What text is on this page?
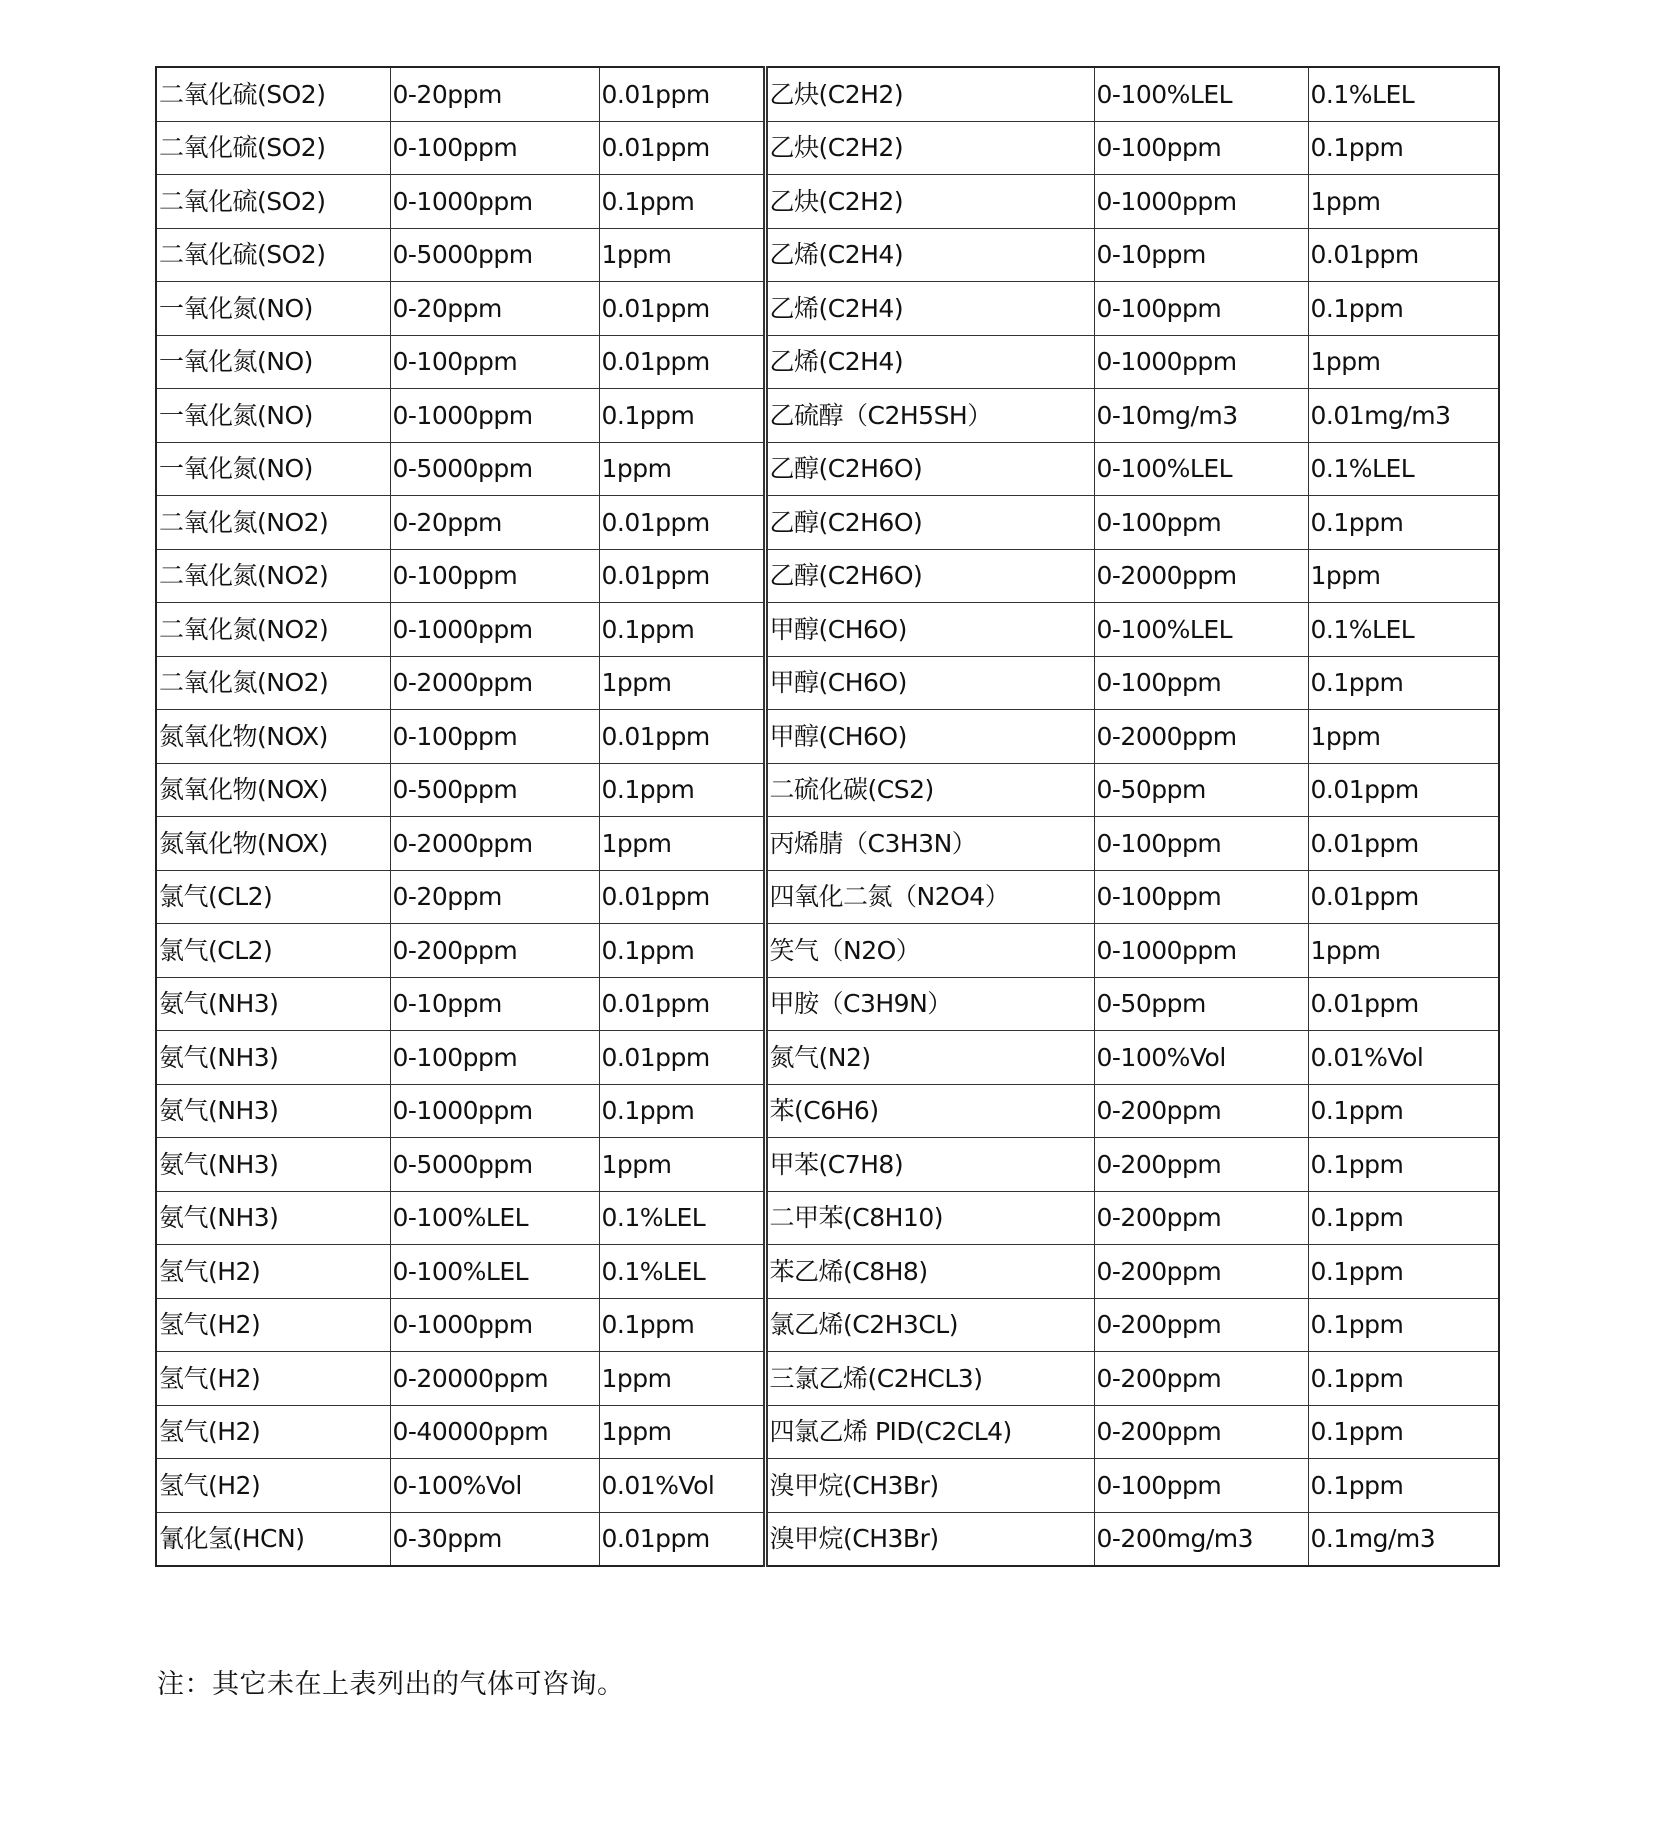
二氧化硫(SO2)	0-20ppm	0.01ppm	乙炔(C2H2)	0-100%LEL	0.1%LEL
二氧化硫(SO2)	0-100ppm	0.01ppm	乙炔(C2H2)	0-100ppm	0.1ppm
二氧化硫(SO2)	0-1000ppm	0.1ppm	乙炔(C2H2)	0-1000ppm	1ppm
二氧化硫(SO2)	0-5000ppm	1ppm	乙烯(C2H4)	0-10ppm	0.01ppm
一氧化氮(NO)	0-20ppm	0.01ppm	乙烯(C2H4)	0-100ppm	0.1ppm
一氧化氮(NO)	0-100ppm	0.01ppm	乙烯(C2H4)	0-1000ppm	1ppm
一氧化氮(NO)	0-1000ppm	0.1ppm	乙硫醇（C2H5SH）	0-10mg/m3	0.01mg/m3
一氧化氮(NO)	0-5000ppm	1ppm	乙醇(C2H6O)	0-100%LEL	0.1%LEL
二氧化氮(NO2)	0-20ppm	0.01ppm	乙醇(C2H6O)	0-100ppm	0.1ppm
二氧化氮(NO2)	0-100ppm	0.01ppm	乙醇(C2H6O)	0-2000ppm	1ppm
二氧化氮(NO2)	0-1000ppm	0.1ppm	甲醇(CH6O)	0-100%LEL	0.1%LEL
二氧化氮(NO2)	0-2000ppm	1ppm	甲醇(CH6O)	0-100ppm	0.1ppm
氮氧化物(NOX)	0-100ppm	0.01ppm	甲醇(CH6O)	0-2000ppm	1ppm
氮氧化物(NOX)	0-500ppm	0.1ppm	二硫化碳(CS2)	0-50ppm	0.01ppm
氮氧化物(NOX)	0-2000ppm	1ppm	丙烯腈（C3H3N）	0-100ppm	0.01ppm
氯气(CL2)	0-20ppm	0.01ppm	四氧化二氮（N2O4）	0-100ppm	0.01ppm
氯气(CL2)	0-200ppm	0.1ppm	笑气（N2O）	0-1000ppm	1ppm
氨气(NH3)	0-10ppm	0.01ppm	甲胺（C3H9N）	0-50ppm	0.01ppm
氨气(NH3)	0-100ppm	0.01ppm	氮气(N2)	0-100%Vol	0.01%Vol
氨气(NH3)	0-1000ppm	0.1ppm	苯(C6H6)	0-200ppm	0.1ppm
氨气(NH3)	0-5000ppm	1ppm	甲苯(C7H8)	0-200ppm	0.1ppm
氨气(NH3)	0-100%LEL	0.1%LEL	二甲苯(C8H10)	0-200ppm	0.1ppm
氢气(H2)	0-100%LEL	0.1%LEL	苯乙烯(C8H8)	0-200ppm	0.1ppm
氢气(H2)	0-1000ppm	0.1ppm	氯乙烯(C2H3CL)	0-200ppm	0.1ppm
氢气(H2)	0-20000ppm	1ppm	三氯乙烯(C2HCL3)	0-200ppm	0.1ppm
氢气(H2)	0-40000ppm	1ppm	四氯乙烯 PID(C2CL4)	0-200ppm	0.1ppm
氢气(H2)	0-100%Vol	0.01%Vol	溴甲烷(CH3Br)	0-100ppm	0.1ppm
氰化氢(HCN)	0-30ppm	0.01ppm	溴甲烷(CH3Br)	0-200mg/m3	0.1mg/m3

注：其它未在上表列出的气体可咨询。
